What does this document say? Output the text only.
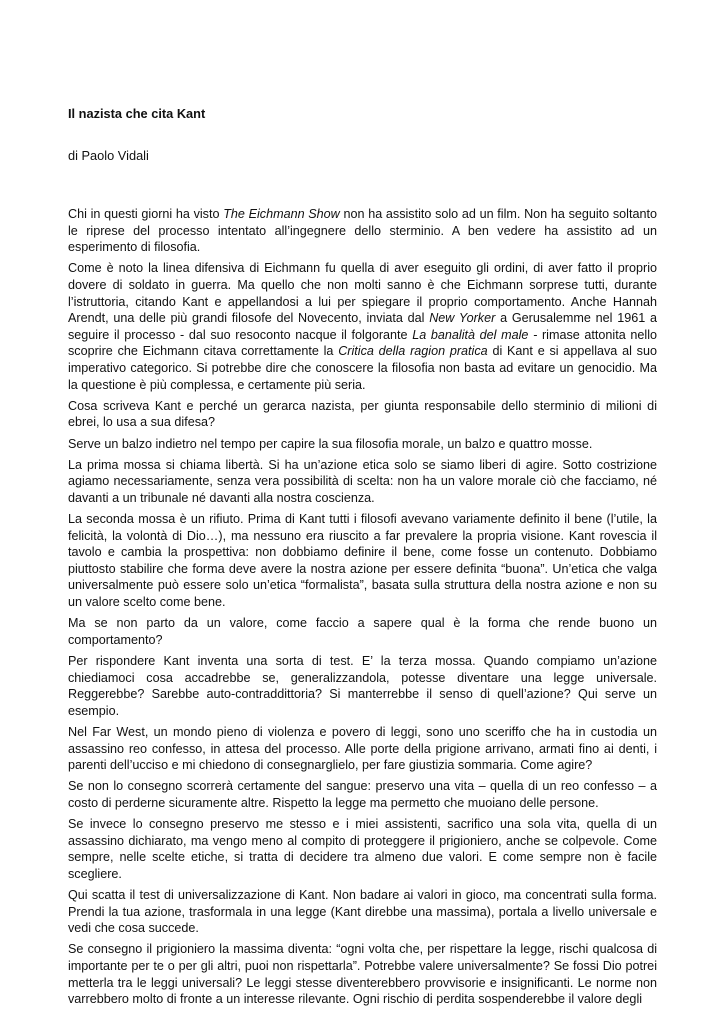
Il nazista che cita Kant
di Paolo Vidali

Chi in questi giorni ha visto The Eichmann Show non ha assistito solo ad un film. Non ha seguito soltanto le riprese del processo intentato all’ingegnere dello sterminio. A ben vedere ha assistito ad un esperimento di filosofia.

Come è noto la linea difensiva di Eichmann fu quella di aver eseguito gli ordini, di aver fatto il proprio dovere di soldato in guerra. Ma quello che non molti sanno è che Eichmann sorprese tutti, durante l’istruttoria, citando Kant e appellandosi a lui per spiegare il proprio comportamento. Anche Hannah Arendt, una delle più grandi filosofe del Novecento, inviata dal New Yorker a Gerusalemme nel 1961 a seguire il processo - dal suo resoconto nacque il folgorante La banalità del male - rimase attonita nello scoprire che Eichmann citava correttamente la Critica della ragion pratica di Kant e si appellava al suo imperativo categorico. Si potrebbe dire che conoscere la filosofia non basta ad evitare un genocidio. Ma la questione è più complessa, e certamente più seria.

Cosa scriveva Kant e perché un gerarca nazista, per giunta responsabile dello sterminio di milioni di ebrei, lo usa a sua difesa?

Serve un balzo indietro nel tempo per capire la sua filosofia morale, un balzo e quattro mosse.

La prima mossa si chiama libertà. Si ha un’azione etica solo se siamo liberi di agire. Sotto costrizione agiamo necessariamente, senza vera possibilità di scelta: non ha un valore morale ciò che facciamo, né davanti a un tribunale né davanti alla nostra coscienza.

La seconda mossa è un rifiuto. Prima di Kant tutti i filosofi avevano variamente definito il bene (l’utile, la felicità, la volontà di Dio…), ma nessuno era riuscito a far prevalere la propria visione. Kant rovescia il tavolo e cambia la prospettiva: non dobbiamo definire il bene, come fosse un contenuto. Dobbiamo piuttosto stabilire che forma deve avere la nostra azione per essere definita “buona”. Un’etica che valga universalmente può essere solo un’etica “formalista”, basata sulla struttura della nostra azione e non su un valore scelto come bene.

Ma se non parto da un valore, come faccio a sapere qual è la forma che rende buono un comportamento?

Per rispondere Kant inventa una sorta di test. E’ la terza mossa. Quando compiamo un’azione chiediamoci cosa accadrebbe se, generalizzandola, potesse diventare una legge universale. Reggerebbe? Sarebbe auto-contraddittoria? Si manterrebbe il senso di quell’azione? Qui serve un esempio.

Nel Far West, un mondo pieno di violenza e povero di leggi, sono uno sceriffo che ha in custodia un assassino reo confesso, in attesa del processo. Alle porte della prigione arrivano, armati fino ai denti, i parenti dell’ucciso e mi chiedono di consegnarglielo, per fare giustizia sommaria. Come agire?

Se non lo consegno scorrerà certamente del sangue: preservo una vita – quella di un reo confesso – a costo di perderne sicuramente altre. Rispetto la legge ma permetto che muoiano delle persone.

Se invece lo consegno preservo me stesso e i miei assistenti, sacrifico una sola vita, quella di un assassino dichiarato, ma vengo meno al compito di proteggere il prigioniero, anche se colpevole. Come sempre, nelle scelte etiche, si tratta di decidere tra almeno due valori. E come sempre non è facile scegliere.

Qui scatta il test di universalizzazione di Kant. Non badare ai valori in gioco, ma concentrati sulla forma. Prendi la tua azione, trasformala in una legge (Kant direbbe una massima), portala a livello universale e vedi che cosa succede.

Se consegno il prigioniero la massima diventa: “ogni volta che, per rispettare la legge, rischi qualcosa di importante per te o per gli altri, puoi non rispettarla”. Potrebbe valere universalmente? Se fossi Dio potrei metterla tra le leggi universali? Le leggi stesse diventerebbero provvisorie e insignificanti. Le norme non varrebbero molto di fronte a un interesse rilevante. Ogni rischio di perdita sospenderebbe il valore degli
